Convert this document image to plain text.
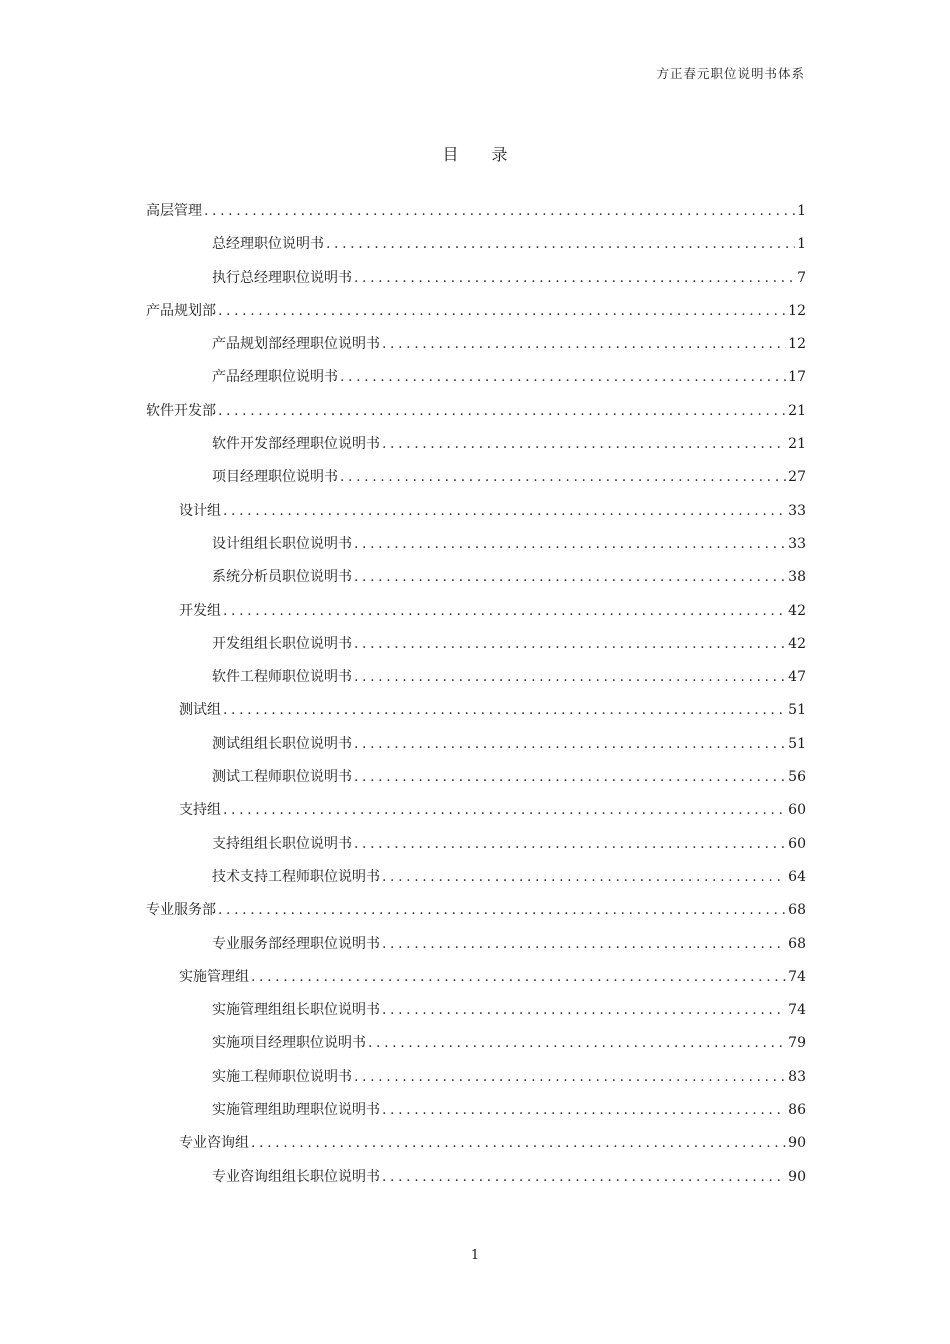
方正春元职位说明书体系
目 录
高层管理 .....	1
总经理职位说明书 .....	1
执行总经理职位说明书 .....	7
产品规划部 .....	12
产品规划部经理职位说明书 .....	12
产品经理职位说明书 .....	17
软件开发部 .....	21
软件开发部经理职位说明书 .....	21
项目经理职位说明书 .....	27
设计组 .....	33
设计组组长职位说明书 .....	33
系统分析员职位说明书 .....	38
开发组 .....	42
开发组组长职位说明书 .....	42
软件工程师职位说明书 .....	47
测试组 .....	51
测试组组长职位说明书 .....	51
测试工程师职位说明书 .....	56
支持组 .....	60
支持组组长职位说明书 .....	60
技术支持工程师职位说明书 .....	64
专业服务部 .....	68
专业服务部经理职位说明书 .....	68
实施管理组 .....	74
实施管理组组长职位说明书 .....	74
实施项目经理职位说明书 .....	79
实施工程师职位说明书 .....	83
实施管理组助理职位说明书 .....	86
专业咨询组 .....	90
专业咨询组组长职位说明书 .....	90
1
